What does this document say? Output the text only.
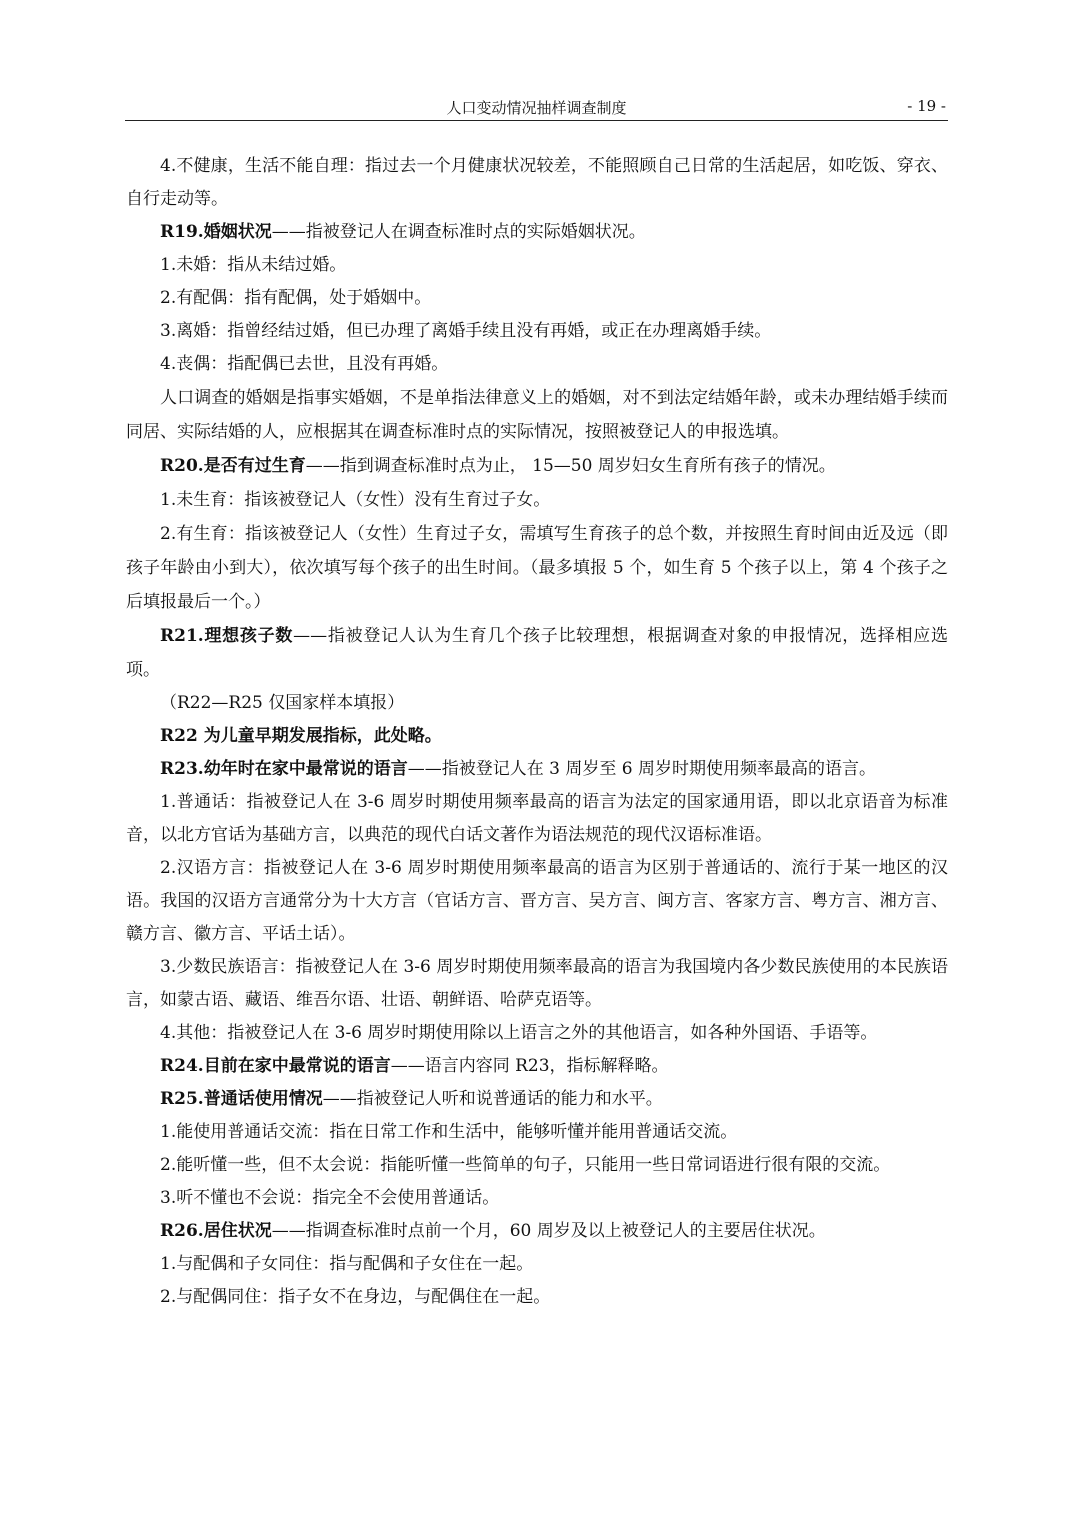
人口变动情况抽样调查制度	- 19 -

4.不健康，生活不能自理：指过去一个月健康状况较差，不能照顾自己日常的生活起居，如吃饭、穿衣、自行走动等。

R19.婚姻状况——指被登记人在调查标准时点的实际婚姻状况。

1.未婚：指从未结过婚。

2.有配偶：指有配偶，处于婚姻中。

3.离婚：指曾经结过婚，但已办理了离婚手续且没有再婚，或正在办理离婚手续。

4.丧偶：指配偶已去世，且没有再婚。

人口调查的婚姻是指事实婚姻，不是单指法律意义上的婚姻，对不到法定结婚年龄，或未办理结婚手续而同居、实际结婚的人，应根据其在调查标准时点的实际情况，按照被登记人的申报选填。

R20.是否有过生育——指到调查标准时点为止， 15—50 周岁妇女生育所有孩子的情况。

1.未生育：指该被登记人（女性）没有生育过子女。

2.有生育：指该被登记人（女性）生育过子女，需填写生育孩子的总个数，并按照生育时间由近及远（即孩子年龄由小到大），依次填写每个孩子的出生时间。（最多填报 5 个，如生育 5 个孩子以上，第 4 个孩子之后填报最后一个。）

R21.理想孩子数——指被登记人认为生育几个孩子比较理想，根据调查对象的申报情况，选择相应选项。

（R22—R25 仅国家样本填报）

R22 为儿童早期发展指标，此处略。

R23.幼年时在家中最常说的语言——指被登记人在 3 周岁至 6 周岁时期使用频率最高的语言。

1.普通话：指被登记人在 3-6 周岁时期使用频率最高的语言为法定的国家通用语，即以北京语音为标准音，以北方官话为基础方言，以典范的现代白话文著作为语法规范的现代汉语标准语。

2.汉语方言：指被登记人在 3-6 周岁时期使用频率最高的语言为区别于普通话的、流行于某一地区的汉语。我国的汉语方言通常分为十大方言（官话方言、晋方言、吴方言、闽方言、客家方言、粤方言、湘方言、赣方言、徽方言、平话土话）。

3.少数民族语言：指被登记人在 3-6 周岁时期使用频率最高的语言为我国境内各少数民族使用的本民族语言，如蒙古语、藏语、维吾尔语、壮语、朝鲜语、哈萨克语等。

4.其他：指被登记人在 3-6 周岁时期使用除以上语言之外的其他语言，如各种外国语、手语等。

R24.目前在家中最常说的语言——语言内容同 R23，指标解释略。

R25.普通话使用情况——指被登记人听和说普通话的能力和水平。

1.能使用普通话交流：指在日常工作和生活中，能够听懂并能用普通话交流。

2.能听懂一些，但不太会说：指能听懂一些简单的句子，只能用一些日常词语进行很有限的交流。

3.听不懂也不会说：指完全不会使用普通话。

R26.居住状况——指调查标准时点前一个月，60 周岁及以上被登记人的主要居住状况。

1.与配偶和子女同住：指与配偶和子女住在一起。

2.与配偶同住：指子女不在身边，与配偶住在一起。
